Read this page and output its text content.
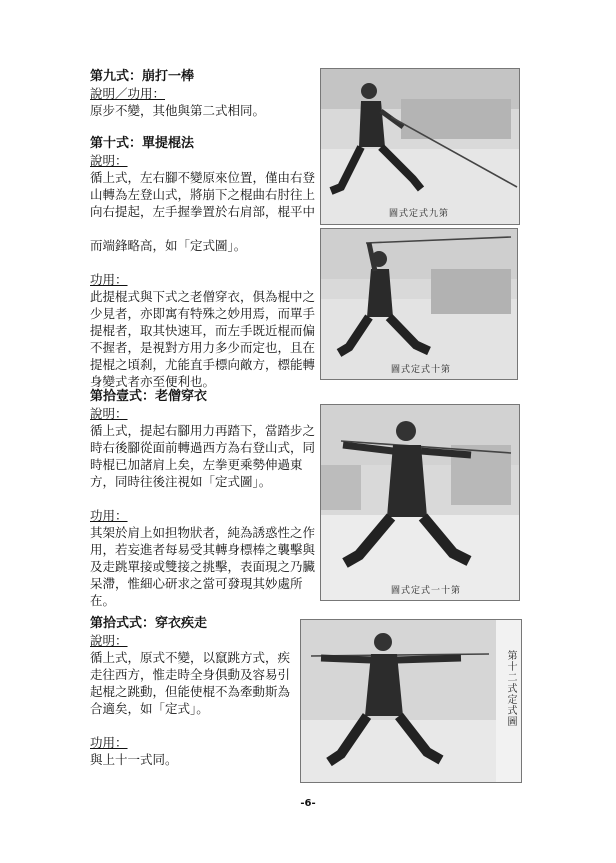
第九式：崩打一棒

說明／功用：

原步不變，其他與第二式相同。

第十式：單提棍法

說明：

循上式，左右腳不變原來位置，僅由右登

山轉為左登山式，將崩下之棍曲右肘往上

向右提起，左手握拳置於右肩部，棍平中

而端鋒略高，如「定式圖」。

功用：

此提棍式與下式之老僧穿衣，俱為棍中之

少見者，亦即寓有特殊之妙用焉，而單手

提棍者，取其快速耳，而左手既近棍而偏

不握者，是視對方用力多少而定也，且在

提棍之頃刹，尤能直手標向敵方，標能轉

身變式者亦至便利也。

第拾壹式：老僧穿衣

說明：

循上式，提起右腳用力再踏下，當踏步之

時右後腳從面前轉過西方為右登山式，同

時棍已加諸肩上矣，左拳更乘勢伸過東

方，同時往後注視如「定式圖」。

功用：

其架於肩上如担物狀者，純為誘惑性之作

用，若妄進者每易受其轉身標棒之襲擊與

及走跳單接或雙接之挑擊，表面現之乃臟

呆滯，惟細心研求之當可發現其妙處所

在。

第拾式式：穿衣疾走

說明：

循上式，原式不變，以竄跳方式，疾

走往西方，惟走時全身俱動及容易引

起棍之跳動，但能使棍不為牽動斯為

合適矣，如「定式」。

功用：

與上十一式同。

圖式定式九第
圖式定式十第
圖式定式一十第
第十二式定式圖
-6-
